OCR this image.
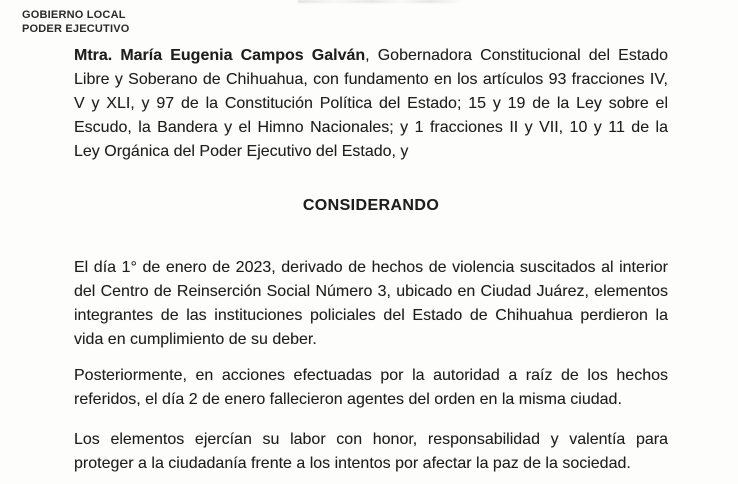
GOBIERNO LOCAL
PODER EJECUTIVO
Mtra. María Eugenia Campos Galván, Gobernadora Constitucional del Estado
Libre y Soberano de Chihuahua, con fundamento en los artículos 93 fracciones IV,
V y XLI, y 97 de la Constitución Política del Estado; 15 y 19 de la Ley sobre el
Escudo, la Bandera y el Himno Nacionales; y 1 fracciones II y VII, 10 y 11 de la
Ley Orgánica del Poder Ejecutivo del Estado, y
CONSIDERANDO
El día 1° de enero de 2023, derivado de hechos de violencia suscitados al interior
del Centro de Reinserción Social Número 3, ubicado en Ciudad Juárez, elementos
integrantes de las instituciones policiales del Estado de Chihuahua perdieron la
vida en cumplimiento de su deber.
Posteriormente, en acciones efectuadas por la autoridad a raíz de los hechos
referidos, el día 2 de enero fallecieron agentes del orden en la misma ciudad.
Los elementos ejercían su labor con honor, responsabilidad y valentía para
proteger a la ciudadanía frente a los intentos por afectar la paz de la sociedad.
